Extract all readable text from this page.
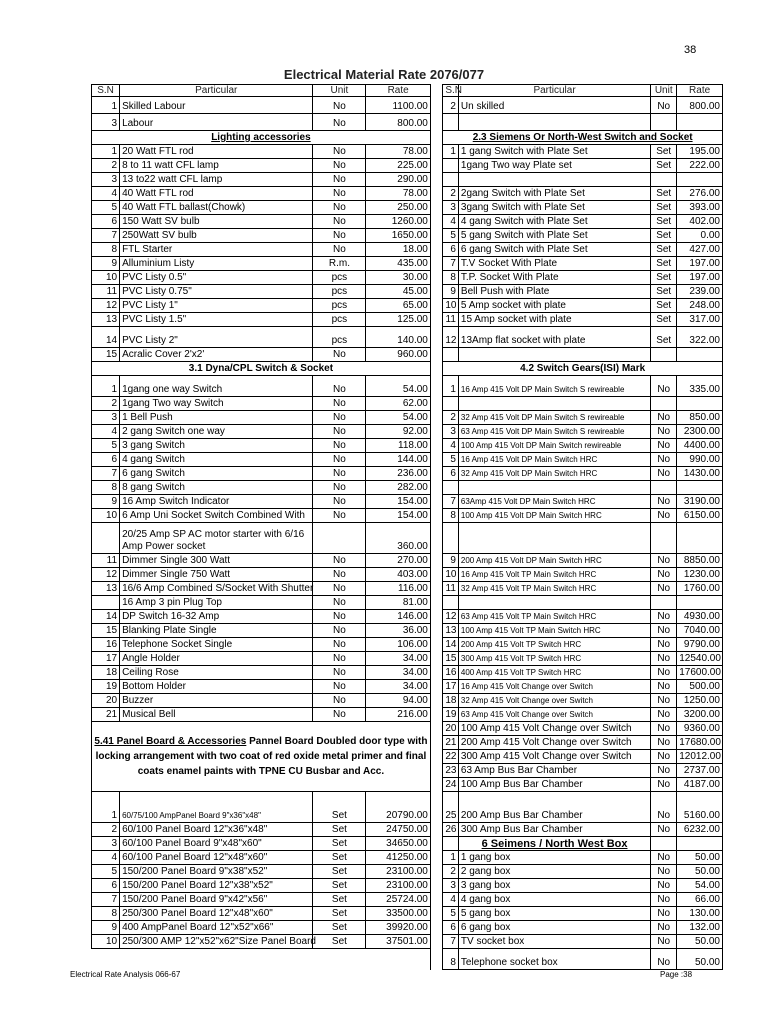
38
Electrical Material Rate 2076/077
S.N	Particular	Unit	Rate		S.N	Particular	Unit	Rate
1	Skilled Labour	No	1100.00		2	Un skilled	No	800.00
3	Labour	No	800.00					
Lighting accessories					2.3 Siemens Or North-West Switch and Socket			
1	20 Watt FTL rod	No	78.00		1	1 gang Switch with Plate Set	Set	195.00
2	8 to 11 watt CFL lamp	No	225.00			1gang Two way Plate set	Set	222.00
3	13 to22 watt CFL lamp	No	290.00					
4	40 Watt FTL rod	No	78.00		2	2gang Switch with Plate Set	Set	276.00
5	40 Watt FTL ballast(Chowk)	No	250.00		3	3gang Switch with Plate Set	Set	393.00
6	150 Watt SV bulb	No	1260.00		4	4 gang Switch with Plate Set	Set	402.00
7	250Watt SV bulb	No	1650.00		5	5 gang Switch with Plate Set	Set	0.00
8	FTL Starter	No	18.00		6	6 gang Switch with Plate Set	Set	427.00
9	Alluminium Listy	R.m.	435.00		7	T.V Socket With Plate	Set	197.00
10	PVC Listy 0.5"	pcs	30.00		8	T.P. Socket With Plate	Set	197.00
11	PVC Listy 0.75"	pcs	45.00		9	Bell Push with Plate	Set	239.00
12	PVC Listy 1"	pcs	65.00		10	5 Amp socket with plate	Set	248.00
13	PVC Listy 1.5"	pcs	125.00		11	15 Amp socket with plate	Set	317.00
14	PVC Listy 2"	pcs	140.00		12	13Amp flat socket with plate	Set	322.00
15	Acralic Cover 2'x2'	No	960.00					
3.1 Dyna/CPL Switch & Socket					4.2 Switch Gears(ISI) Mark			
1	1gang one way Switch	No	54.00		1	16 Amp 415 Volt DP Main Switch S rewireable	No	335.00
2	1gang Two way Switch	No	62.00					
3	1 Bell Push	No	54.00		2	32 Amp 415 Volt DP Main Switch S rewireable	No	850.00
4	2 gang Switch one way	No	92.00		3	63 Amp 415 Volt DP Main Switch S rewireable	No	2300.00
5	3 gang Switch	No	118.00		4	100 Amp 415 Volt DP Main Switch rewireable	No	4400.00
6	4 gang Switch	No	144.00		5	16 Amp 415 Volt DP Main Switch HRC	No	990.00
7	6 gang Switch	No	236.00		6	32 Amp 415 Volt DP Main Switch HRC	No	1430.00
8	8 gang Switch	No	282.00					
9	16 Amp Switch Indicator	No	154.00		7	63Amp 415 Volt DP Main Switch HRC	No	3190.00
10	6 Amp Uni Socket Switch Combined With	No	154.00		8	100 Amp 415 Volt DP Main Switch HRC	No	6150.00
	20/25 Amp SP AC motor starter with 6/16 Amp Power socket		360.00					
11	Dimmer Single 300 Watt	No	270.00		9	200 Amp 415 Volt DP Main Switch HRC	No	8850.00
12	Dimmer Single 750 Watt	No	403.00		10	16 Amp 415 Volt TP Main Switch HRC	No	1230.00
13	16/6 Amp Combined S/Socket With Shutter	No	116.00		11	32 Amp 415 Volt TP Main Switch HRC	No	1760.00
	16 Amp 3 pin Plug Top	No	81.00					
14	DP Switch 16-32 Amp	No	146.00		12	63 Amp 415 Volt TP Main Switch HRC	No	4930.00
15	Blanking Plate Single	No	36.00		13	100 Amp 415 Volt TP Main Switch HRC	No	7040.00
16	Telephone Socket Single	No	106.00		14	200 Amp 415 Volt TP Switch HRC	No	9790.00
17	Angle Holder	No	34.00		15	300 Amp 415 Volt TP Switch HRC	No	12540.00
18	Ceiling Rose	No	34.00		16	400 Amp 415 Volt TP Switch HRC	No	17600.00
19	Bottom Holder	No	34.00		17	16 Amp 415 Volt Change over Switch	No	500.00
20	Buzzer	No	94.00		18	32 Amp 415 Volt Change over Switch	No	1250.00
21	Musical Bell	No	216.00		19	63 Amp 415 Volt Change over Switch	No	3200.00
5.41 Panel Board & Accessories Pannel Board Doubled door type with locking arrangement with two coat of red oxide metal primer and final coats enamel paints with TPNE CU Busbar and Acc.					20	100 Amp 415 Volt Change over Switch	No	9360.00
					21	200 Amp 415 Volt Change over Switch	No	17680.00
					22	300 Amp 415 Volt Change over Switch	No	12012.00
					23	63 Amp Bus Bar Chamber	No	2737.00
					24	100 Amp Bus Bar Chamber	No	4187.00
1	60/75/100 AmpPanel Board 9"x36"x48"	Set	20790.00		25	200 Amp Bus Bar Chamber	No	5160.00
2	60/100 Panel Board 12"x36"x48"	Set	24750.00		26	300 Amp Bus Bar Chamber	No	6232.00
3	60/100 Panel Board 9"x48"x60"	Set	34650.00			6 Seimens / North West Box		
4	60/100 Panel Board 12"x48"x60"	Set	41250.00		1	1 gang box	No	50.00
5	150/200 Panel Board 9"x38"x52"	Set	23100.00		2	2 gang box	No	50.00
6	150/200 Panel Board 12"x38"x52"	Set	23100.00		3	3 gang box	No	54.00
7	150/200 Panel Board 9"x42"x56"	Set	25724.00		4	4 gang box	No	66.00
8	250/300 Panel Board 12"x48"x60"	Set	33500.00		5	5 gang box	No	130.00
9	400 AmpPanel Board 12"x52"x66"	Set	39920.00		6	6 gang box	No	132.00
10	250/300 AMP 12"x52"x62"Size Panel Board	Set	37501.00		7	TV socket box	No	50.00
					8	Telephone socket box	No	50.00
Electrical Rate Analysis 066-67	Page :38
